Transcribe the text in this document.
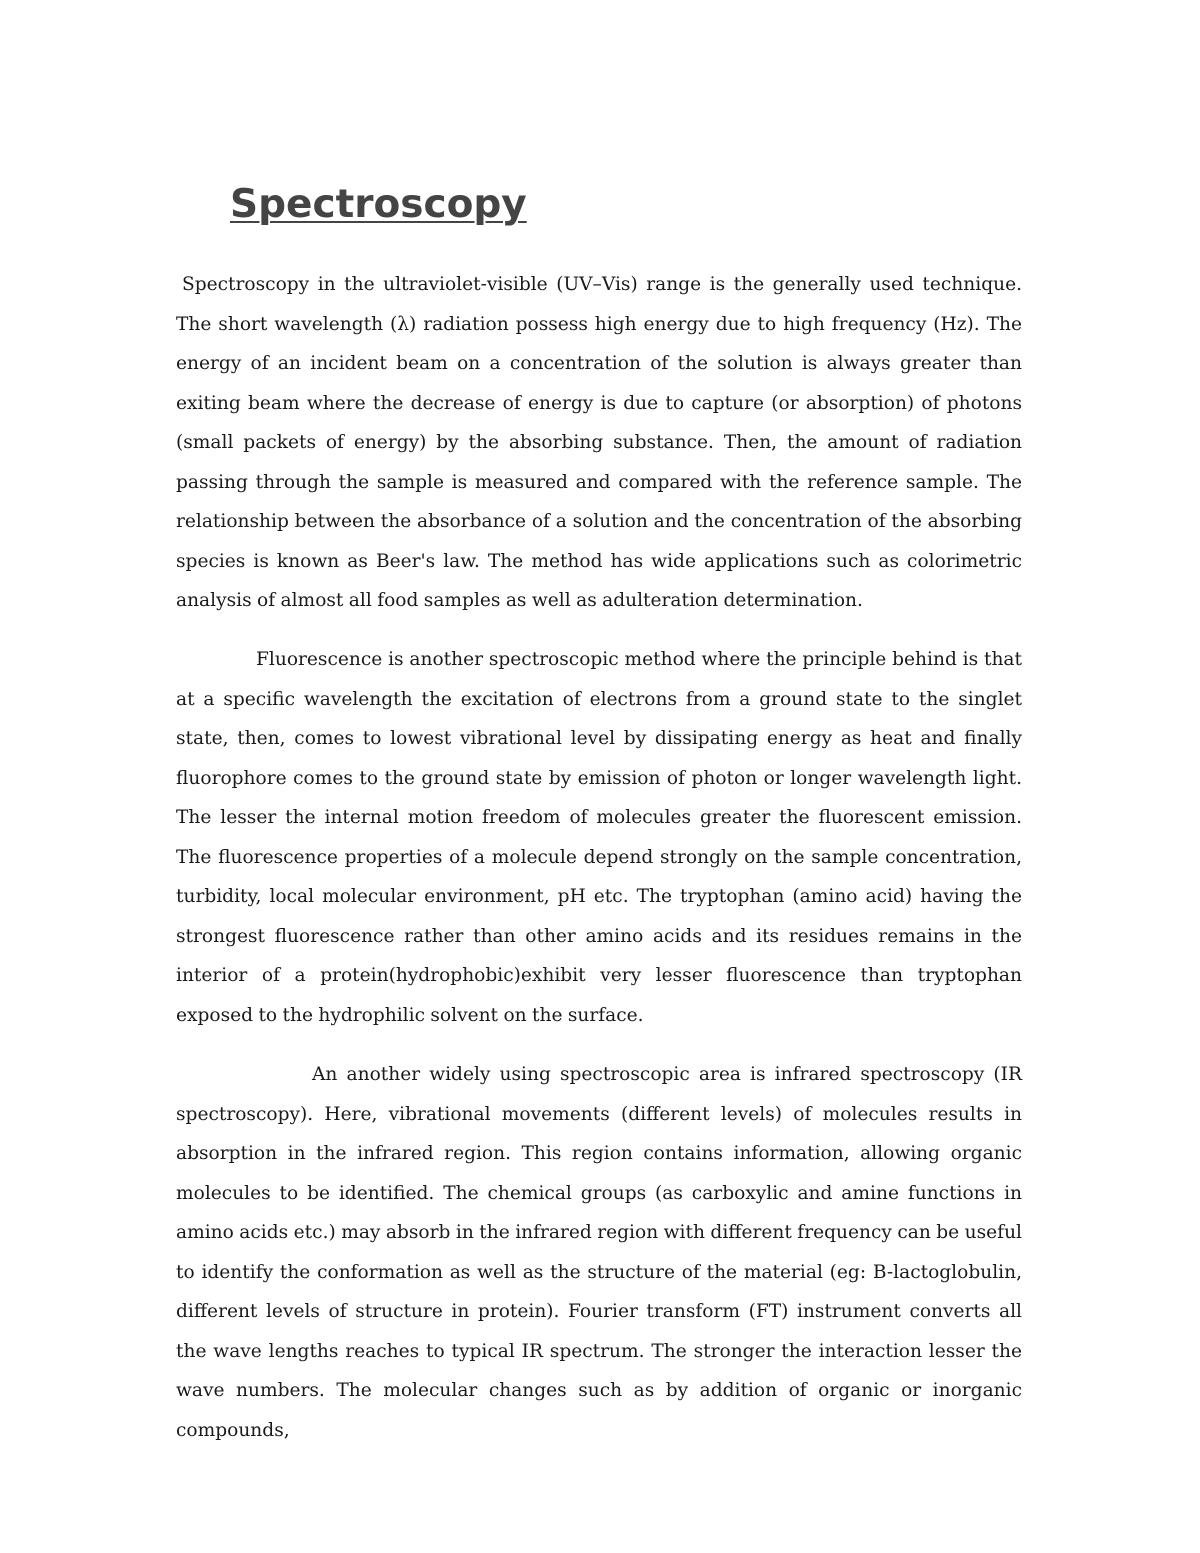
Spectroscopy

Spectroscopy in the ultraviolet-visible (UV–Vis) range is the generally used technique. The short wavelength (λ) radiation possess high energy due to high frequency (Hz). The energy of an incident beam on a concentration of the solution is always greater than exiting beam where the decrease of energy is due to capture (or absorption) of photons (small packets of energy) by the absorbing substance. Then, the amount of radiation passing through the sample is measured and compared with the reference sample. The relationship between the absorbance of a solution and the concentration of the absorbing species is known as Beer's law. The method has wide applications such as colorimetric analysis of almost all food samples as well as adulteration determination.

Fluorescence is another spectroscopic method where the principle behind is that at a specific wavelength the excitation of electrons from a ground state to the singlet state, then, comes to lowest vibrational level by dissipating energy as heat and finally fluorophore comes to the ground state by emission of photon or longer wavelength light. The lesser the internal motion freedom of molecules greater the fluorescent emission. The fluorescence properties of a molecule depend strongly on the sample concentration, turbidity, local molecular environment, pH etc. The tryptophan (amino acid) having the strongest fluorescence rather than other amino acids and its residues remains in the interior of a protein(hydrophobic)exhibit very lesser fluorescence than tryptophan exposed to the hydrophilic solvent on the surface.

An another widely using spectroscopic area is infrared spectroscopy (IR spectroscopy). Here, vibrational movements (different levels) of molecules results in absorption in the infrared region. This region contains information, allowing organic molecules to be identified. The chemical groups (as carboxylic and amine functions in amino acids etc.) may absorb in the infrared region with different frequency can be useful to identify the conformation as well as the structure of the material (eg: B-lactoglobulin, different levels of structure in protein). Fourier transform (FT) instrument converts all the wave lengths reaches to typical IR spectrum. The stronger the interaction lesser the wave numbers. The molecular changes such as by addition of organic or inorganic compounds,
